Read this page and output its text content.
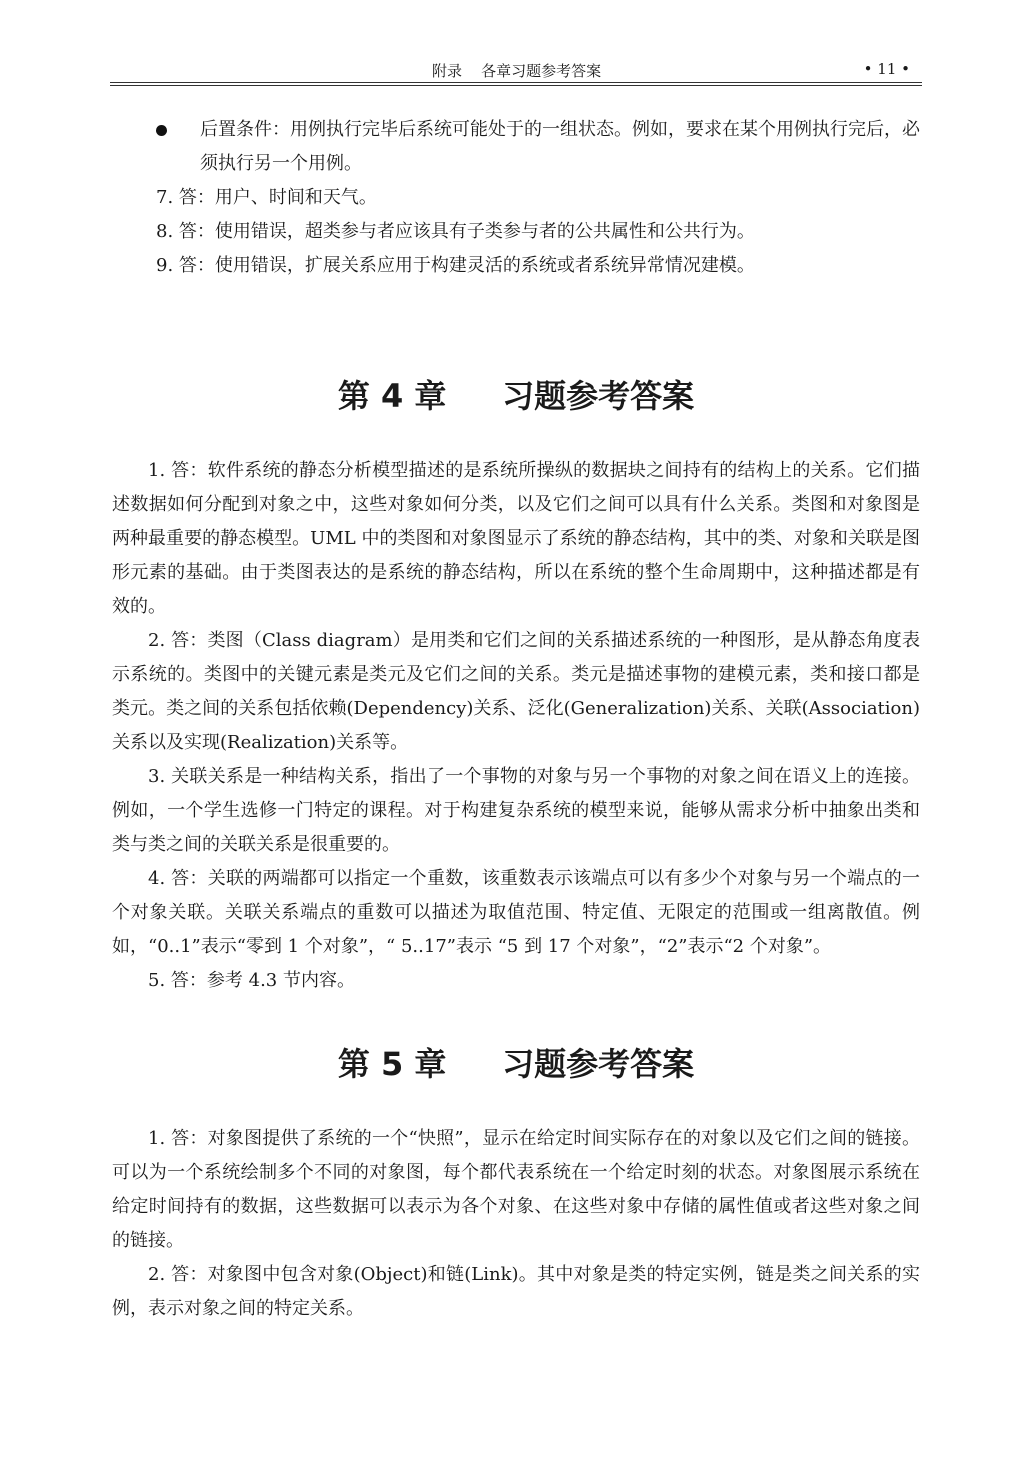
附录    各章习题参考答案	• 11 •
后置条件：用例执行完毕后系统可能处于的一组状态。例如，要求在某个用例执行完后，必须执行另一个用例。
7. 答：用户、时间和天气。
8. 答：使用错误，超类参与者应该具有子类参与者的公共属性和公共行为。
9. 答：使用错误，扩展关系应用于构建灵活的系统或者系统异常情况建模。
第 4 章     习题参考答案
1. 答：软件系统的静态分析模型描述的是系统所操纵的数据块之间持有的结构上的关系。它们描述数据如何分配到对象之中，这些对象如何分类，以及它们之间可以具有什么关系。类图和对象图是两种最重要的静态模型。UML 中的类图和对象图显示了系统的静态结构，其中的类、对象和关联是图形元素的基础。由于类图表达的是系统的静态结构，所以在系统的整个生命周期中，这种描述都是有效的。
2. 答：类图（Class diagram）是用类和它们之间的关系描述系统的一种图形，是从静态角度表示系统的。类图中的关键元素是类元及它们之间的关系。类元是描述事物的建模元素，类和接口都是类元。类之间的关系包括依赖(Dependency)关系、泛化(Generalization)关系、关联(Association)关系以及实现(Realization)关系等。
3. 关联关系是一种结构关系，指出了一个事物的对象与另一个事物的对象之间在语义上的连接。例如，一个学生选修一门特定的课程。对于构建复杂系统的模型来说，能够从需求分析中抽象出类和类与类之间的关联关系是很重要的。
4. 答：关联的两端都可以指定一个重数，该重数表示该端点可以有多少个对象与另一个端点的一个对象关联。关联关系端点的重数可以描述为取值范围、特定值、无限定的范围或一组离散值。例如，“0..1”表示“零到 1 个对象”，“ 5..17”表示 “5 到 17 个对象”，“2”表示“2 个对象”。
5. 答：参考 4.3 节内容。
第 5 章     习题参考答案
1. 答：对象图提供了系统的一个“快照”，显示在给定时间实际存在的对象以及它们之间的链接。可以为一个系统绘制多个不同的对象图，每个都代表系统在一个给定时刻的状态。对象图展示系统在给定时间持有的数据，这些数据可以表示为各个对象、在这些对象中存储的属性值或者这些对象之间的链接。
2. 答：对象图中包含对象(Object)和链(Link)。其中对象是类的特定实例，链是类之间关系的实例，表示对象之间的特定关系。
